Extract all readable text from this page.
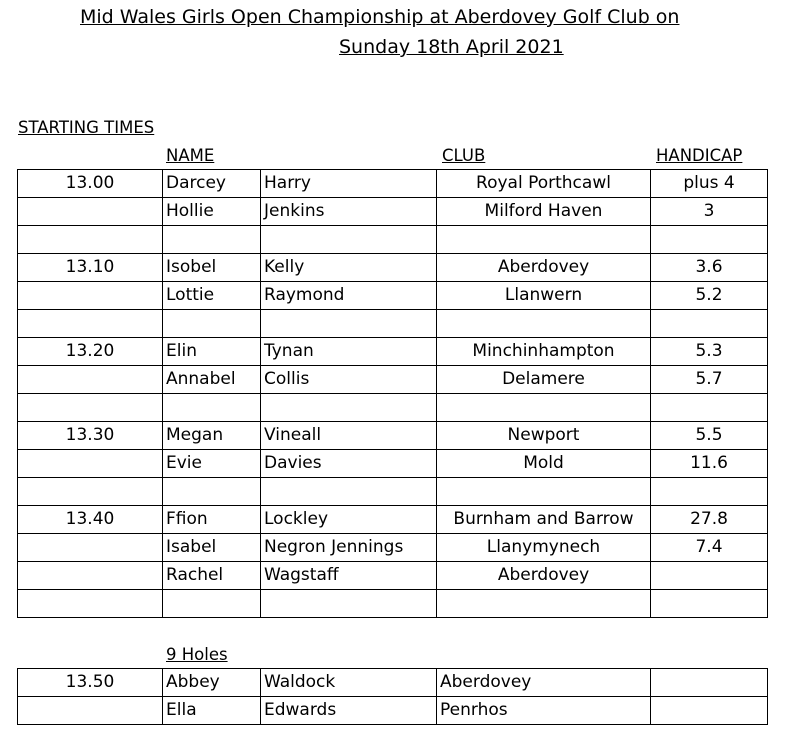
Mid Wales Girls Open Championship at Aberdovey Golf Club on
Sunday 18th April 2021
STARTING TIMES
NAME	CLUB	HANDICAP
13.00	Darcey	Harry	Royal Porthcawl	plus 4
	Hollie	Jenkins	Milford Haven	3

13.10	Isobel	Kelly	Aberdovey	3.6
	Lottie	Raymond	Llanwern	5.2

13.20	Elin	Tynan	Minchinhampton	5.3
	Annabel	Collis	Delamere	5.7

13.30	Megan	Vineall	Newport	5.5
	Evie	Davies	Mold	11.6

13.40	Ffion	Lockley	Burnham and Barrow	27.8
	Isabel	Negron Jennings	Llanymynech	7.4
	Rachel	Wagstaff	Aberdovey	

9 Holes
13.50	Abbey	Waldock	Aberdovey	
	Ella	Edwards	Penrhos	
